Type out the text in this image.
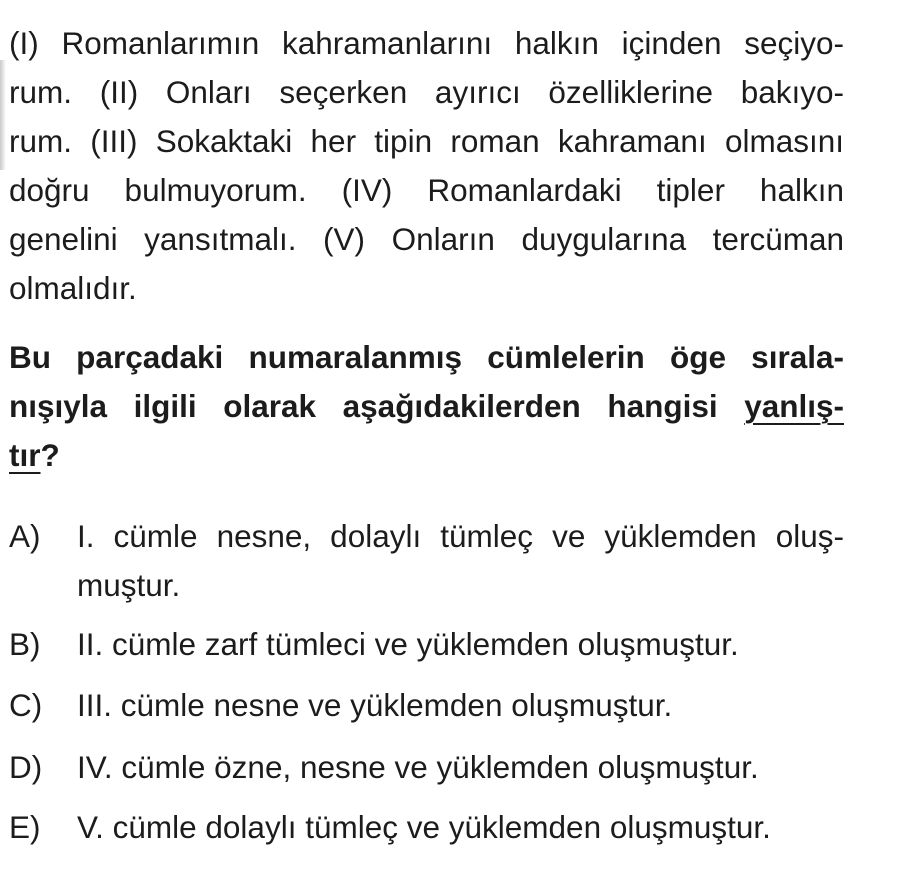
(I) Romanlarımın kahramanlarını halkın içinden seçiyo-
rum. (II) Onları seçerken ayırıcı özelliklerine bakıyo-
rum. (III) Sokaktaki her tipin roman kahramanı olmasını
doğru bulmuyorum. (IV) Romanlardaki tipler halkın
genelini yansıtmalı. (V) Onların duygularına tercüman
olmalıdır.
Bu parçadaki numaralanmış cümlelerin öge sırala-
nışıyla ilgili olarak aşağıdakilerden hangisi yanlış-
tır?
A)	I. cümle nesne, dolaylı tümleç ve yüklemden oluş-
muştur.
B)	II. cümle zarf tümleci ve yüklemden oluşmuştur.
C)	III. cümle nesne ve yüklemden oluşmuştur.
D)	IV. cümle özne, nesne ve yüklemden oluşmuştur.
E)	V. cümle dolaylı tümleç ve yüklemden oluşmuştur.
